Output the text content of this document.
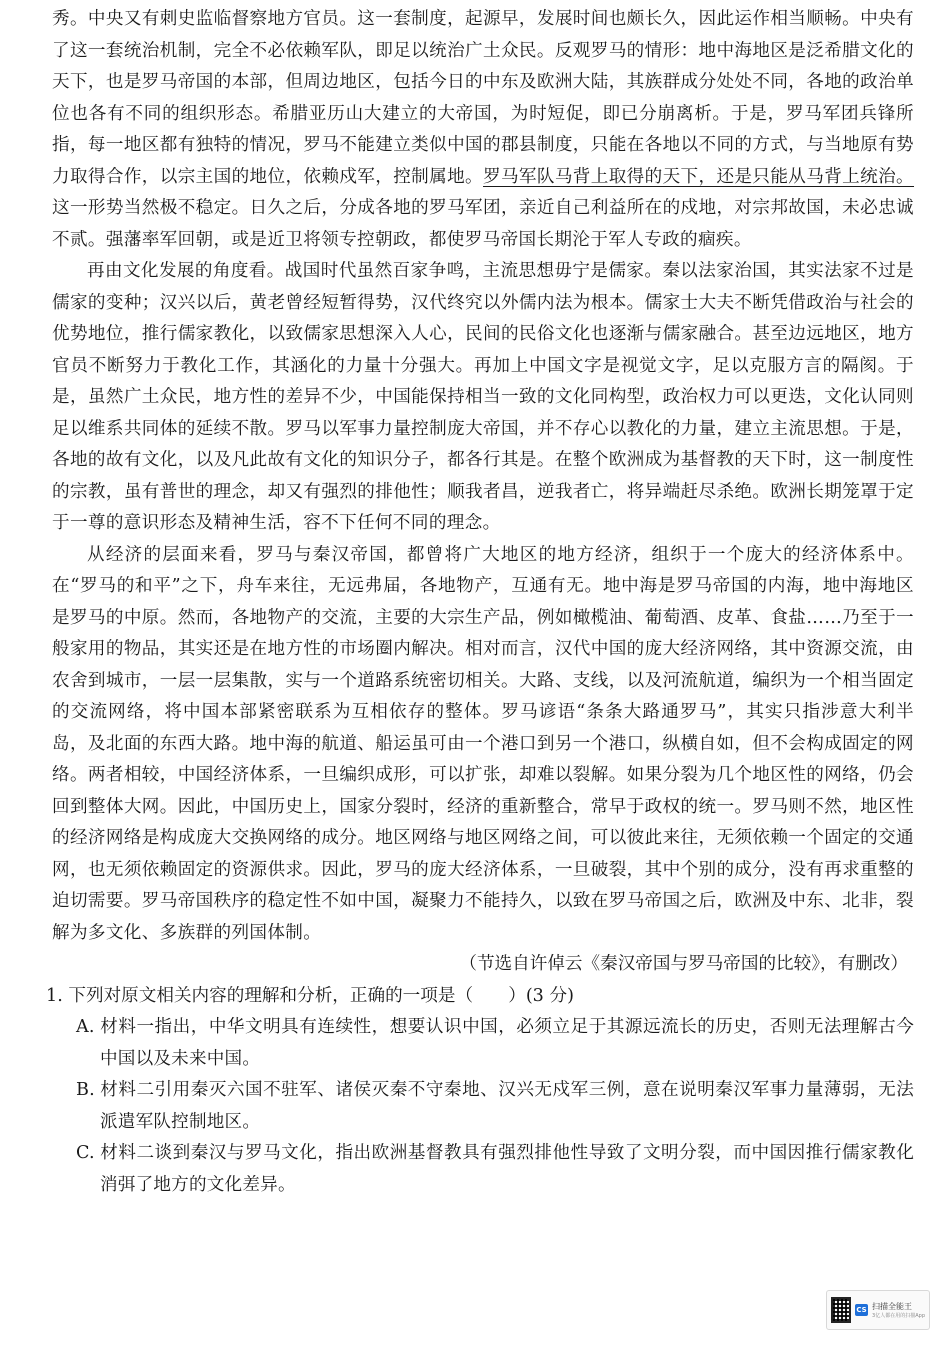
秀。中央又有刺史监临督察地方官员。这一套制度，起源早，发展时间也颇长久，因此运作相当顺畅。中央有了这一套统治机制，完全不必依赖军队，即足以统治广土众民。反观罗马的情形：地中海地区是泛希腊文化的天下，也是罗马帝国的本部，但周边地区，包括今日的中东及欧洲大陆，其族群成分处处不同，各地的政治单位也各有不同的组织形态。希腊亚历山大建立的大帝国，为时短促，即已分崩离析。于是，罗马军团兵锋所指，每一地区都有独特的情况，罗马不能建立类似中国的郡县制度，只能在各地以不同的方式，与当地原有势力取得合作，以宗主国的地位，依赖戍军，控制属地。罗马军队马背上取得的天下，还是只能从马背上统治。这一形势当然极不稳定。日久之后，分成各地的罗马军团，亲近自己利益所在的戍地，对宗邦故国，未必忠诚不贰。强藩率军回朝，或是近卫将领专控朝政，都使罗马帝国长期沦于军人专政的痼疾。

再由文化发展的角度看。战国时代虽然百家争鸣，主流思想毋宁是儒家。秦以法家治国，其实法家不过是儒家的变种；汉兴以后，黄老曾经短暂得势，汉代终究以外儒内法为根本。儒家士大夫不断凭借政治与社会的优势地位，推行儒家教化，以致儒家思想深入人心，民间的民俗文化也逐渐与儒家融合。甚至边远地区，地方官员不断努力于教化工作，其涵化的力量十分强大。再加上中国文字是视觉文字，足以克服方言的隔阂。于是，虽然广土众民，地方性的差异不少，中国能保持相当一致的文化同构型，政治权力可以更迭，文化认同则足以维系共同体的延续不散。罗马以军事力量控制庞大帝国，并不存心以教化的力量，建立主流思想。于是，各地的故有文化，以及凡此故有文化的知识分子，都各行其是。在整个欧洲成为基督教的天下时，这一制度性的宗教，虽有普世的理念，却又有强烈的排他性；顺我者昌，逆我者亡，将异端赶尽杀绝。欧洲长期笼罩于定于一尊的意识形态及精神生活，容不下任何不同的理念。

从经济的层面来看，罗马与秦汉帝国，都曾将广大地区的地方经济，组织于一个庞大的经济体系中。在“罗马的和平”之下，舟车来往，无远弗届，各地物产，互通有无。地中海是罗马帝国的内海，地中海地区是罗马的中原。然而，各地物产的交流，主要的大宗生产品，例如橄榄油、葡萄酒、皮革、食盐……乃至于一般家用的物品，其实还是在地方性的市场圈内解决。相对而言，汉代中国的庞大经济网络，其中资源交流，由农舍到城市，一层一层集散，实与一个道路系统密切相关。大路、支线，以及河流航道，编织为一个相当固定的交流网络，将中国本部紧密联系为互相依存的整体。罗马谚语“条条大路通罗马”，其实只指涉意大利半岛，及北面的东西大路。地中海的航道、船运虽可由一个港口到另一个港口，纵横自如，但不会构成固定的网络。两者相较，中国经济体系，一旦编织成形，可以扩张，却难以裂解。如果分裂为几个地区性的网络，仍会回到整体大网。因此，中国历史上，国家分裂时，经济的重新整合，常早于政权的统一。罗马则不然，地区性的经济网络是构成庞大交换网络的成分。地区网络与地区网络之间，可以彼此来往，无须依赖一个固定的交通网，也无须依赖固定的资源供求。因此，罗马的庞大经济体系，一旦破裂，其中个别的成分，没有再求重整的迫切需要。罗马帝国秩序的稳定性不如中国，凝聚力不能持久，以致在罗马帝国之后，欧洲及中东、北非，裂解为多文化、多族群的列国体制。

（节选自许倬云《秦汉帝国与罗马帝国的比较》，有删改）

1. 下列对原文相关内容的理解和分析，正确的一项是（　　）(3 分)

A. 材料一指出，中华文明具有连续性，想要认识中国，必须立足于其源远流长的历史，否则无法理解古今中国以及未来中国。

B. 材料二引用秦灭六国不驻军、诸侯灭秦不守秦地、汉兴无戍军三例，意在说明秦汉军事力量薄弱，无法派遣军队控制地区。

C. 材料二谈到秦汉与罗马文化，指出欧洲基督教具有强烈排他性导致了文明分裂，而中国因推行儒家教化消弭了地方的文化差异。

CS 扫描全能王
3亿人都在用的扫描App
